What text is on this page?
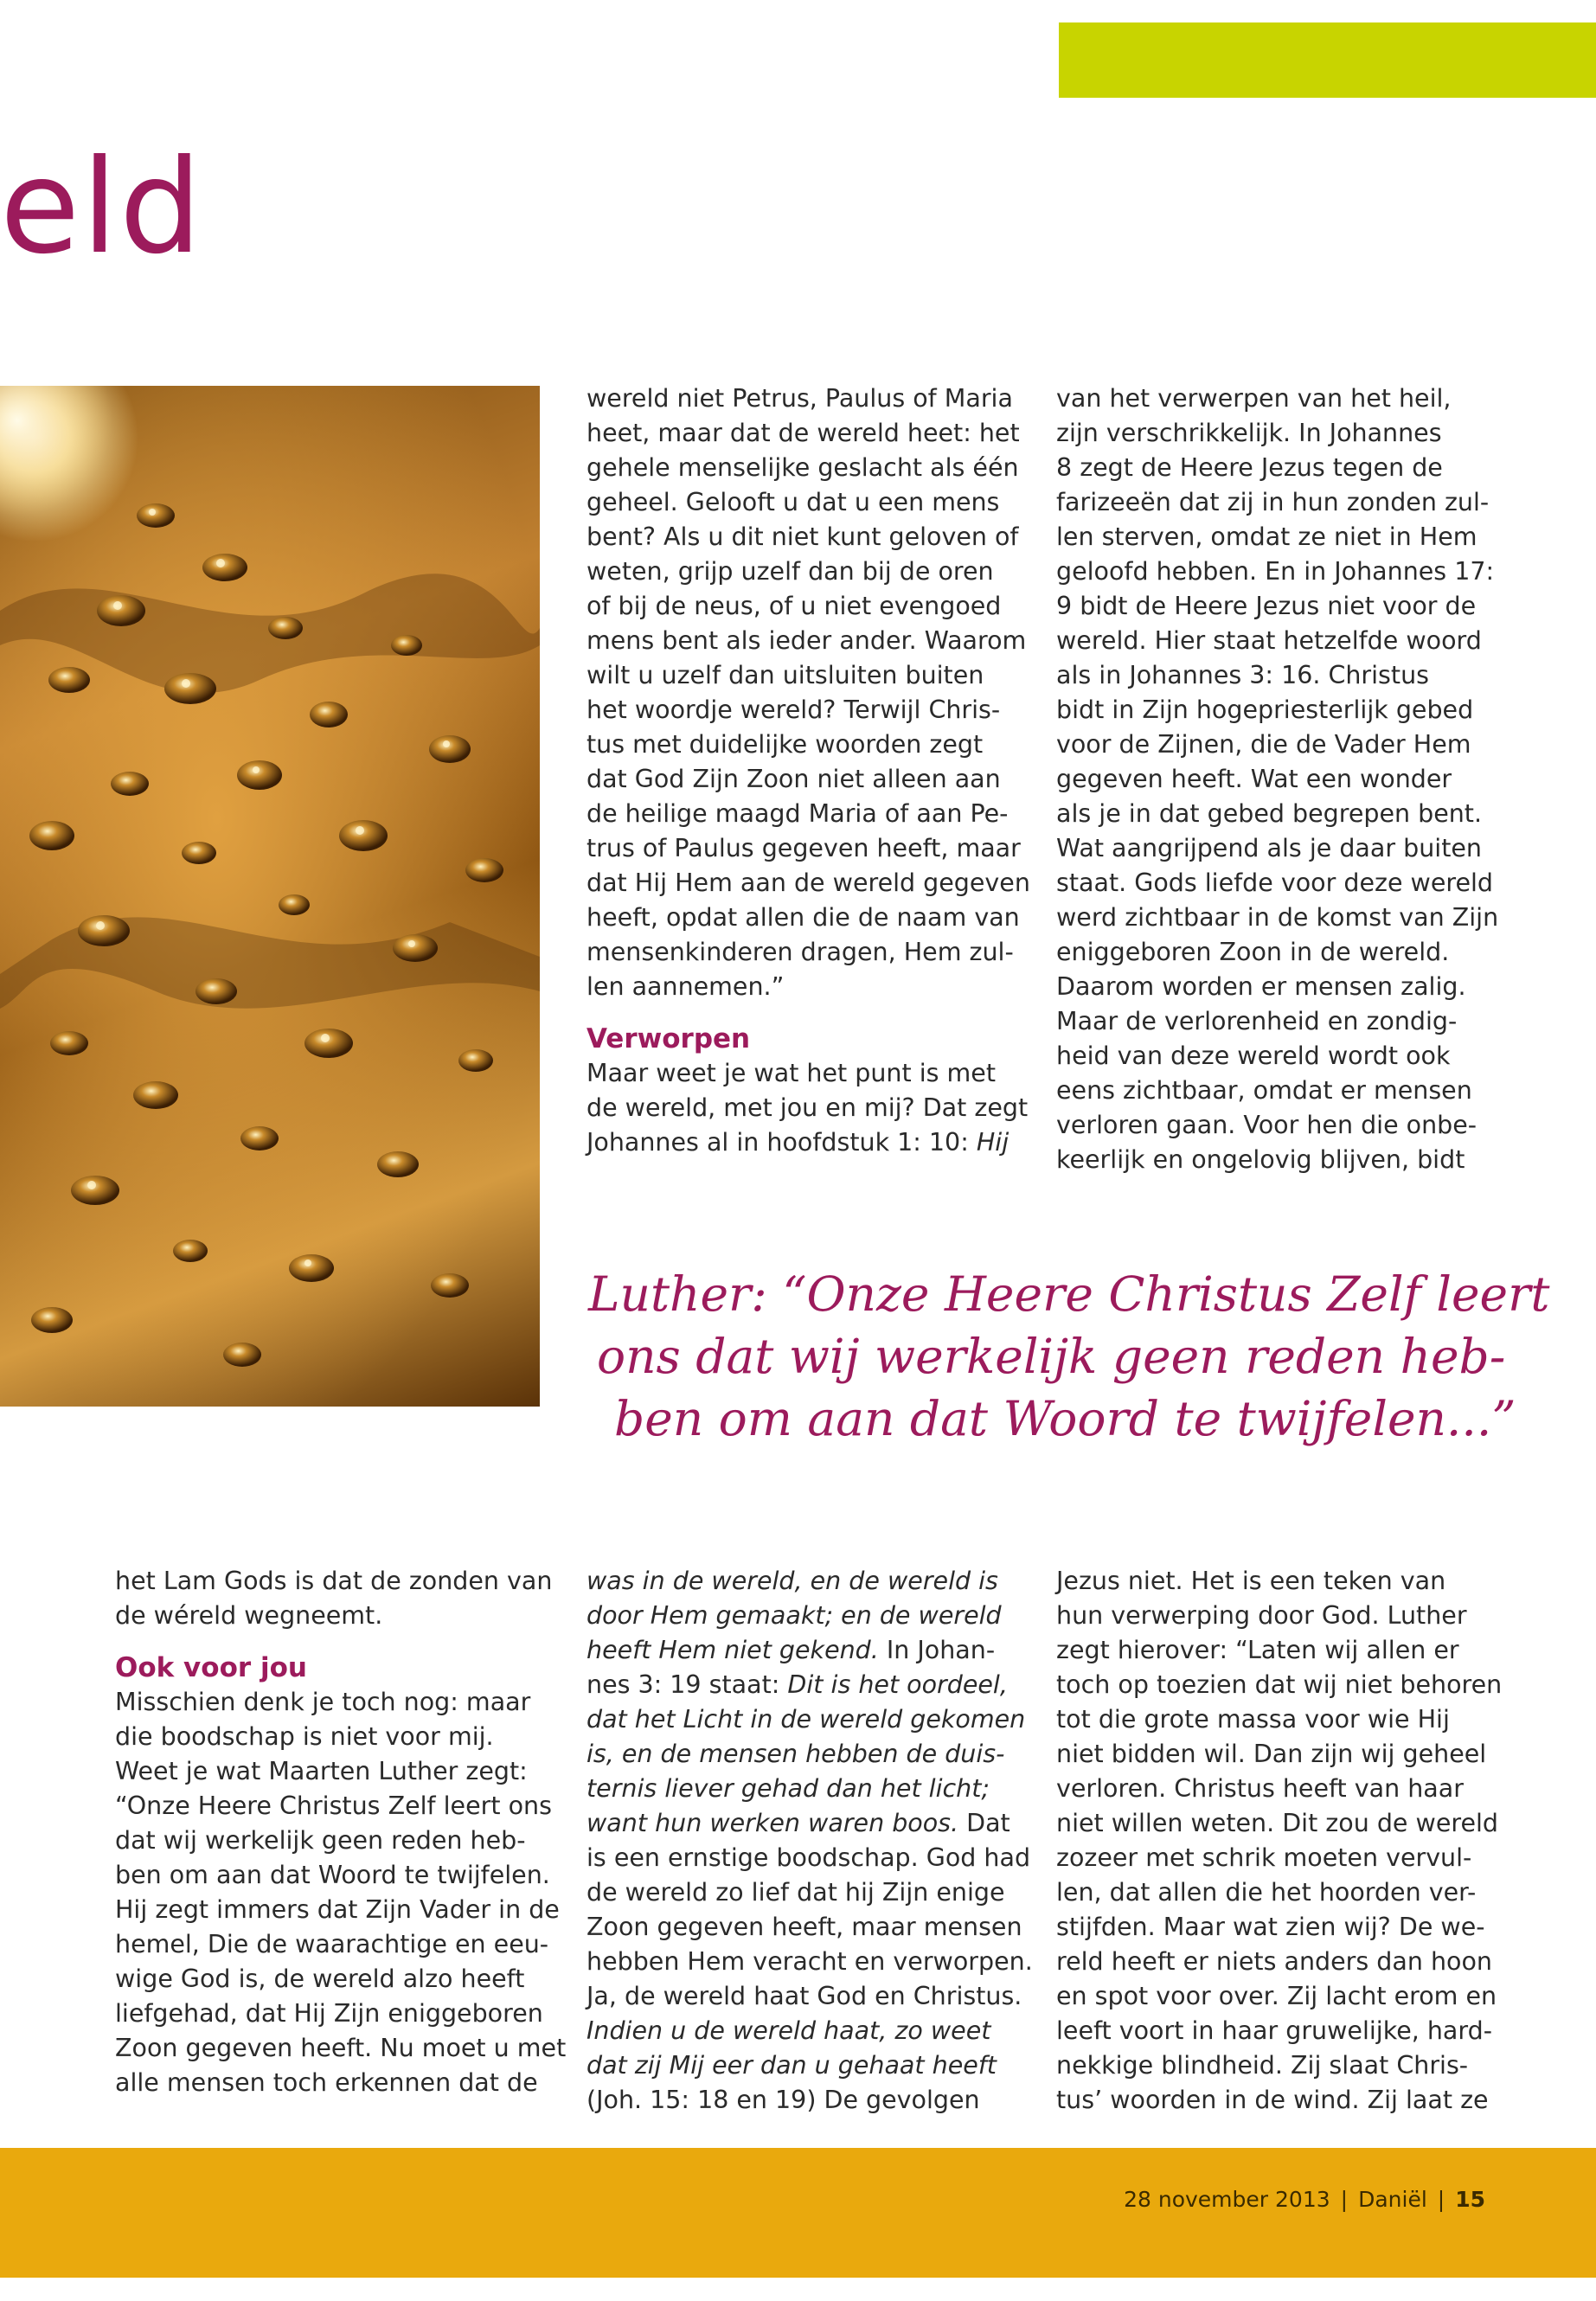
eld
wereld niet Petrus, Paulus of Maria
heet, maar dat de wereld heet: het
gehele menselijke geslacht als één
geheel. Gelooft u dat u een mens
bent? Als u dit niet kunt geloven of
weten, grijp uzelf dan bij de oren
of bij de neus, of u niet evengoed
mens bent als ieder ander. Waarom
wilt u uzelf dan uitsluiten buiten
het woordje wereld? Terwijl Chris-
tus met duidelijke woorden zegt
dat God Zijn Zoon niet alleen aan
de heilige maagd Maria of aan Pe-
trus of Paulus gegeven heeft, maar
dat Hij Hem aan de wereld gegeven
heeft, opdat allen die de naam van
mensenkinderen dragen, Hem zul-
len aannemen.”
Verworpen
Maar weet je wat het punt is met
de wereld, met jou en mij? Dat zegt
Johannes al in hoofdstuk 1: 10: Hij
van het verwerpen van het heil,
zijn verschrikkelijk. In Johannes
8 zegt de Heere Jezus tegen de
farizeeën dat zij in hun zonden zul-
len sterven, omdat ze niet in Hem
geloofd hebben. En in Johannes 17:
9 bidt de Heere Jezus niet voor de
wereld. Hier staat hetzelfde woord
als in Johannes 3: 16. Christus
bidt in Zijn hogepriesterlijk gebed
voor de Zijnen, die de Vader Hem
gegeven heeft. Wat een wonder
als je in dat gebed begrepen bent.
Wat aangrijpend als je daar buiten
staat. Gods liefde voor deze wereld
werd zichtbaar in de komst van Zijn
eniggeboren Zoon in de wereld.
Daarom worden er mensen zalig.
Maar de verlorenheid en zondig-
heid van deze wereld wordt ook
eens zichtbaar, omdat er mensen
verloren gaan. Voor hen die onbe-
keerlijk en ongelovig blijven, bidt
Luther: “Onze Heere Christus Zelf leert
ons dat wij werkelijk geen reden heb-
ben om aan dat Woord te twijfelen...”
het Lam Gods is dat de zonden van
de wéreld wegneemt.
Ook voor jou
Misschien denk je toch nog: maar
die boodschap is niet voor mij.
Weet je wat Maarten Luther zegt:
“Onze Heere Christus Zelf leert ons
dat wij werkelijk geen reden heb-
ben om aan dat Woord te twijfelen.
Hij zegt immers dat Zijn Vader in de
hemel, Die de waarachtige en eeu-
wige God is, de wereld alzo heeft
liefgehad, dat Hij Zijn eniggeboren
Zoon gegeven heeft. Nu moet u met
alle mensen toch erkennen dat de
was in de wereld, en de wereld is
door Hem gemaakt; en de wereld
heeft Hem niet gekend. In Johan-
nes 3: 19 staat: Dit is het oordeel,
dat het Licht in de wereld gekomen
is, en de mensen hebben de duis-
ternis liever gehad dan het licht;
want hun werken waren boos. Dat
is een ernstige boodschap. God had
de wereld zo lief dat hij Zijn enige
Zoon gegeven heeft, maar mensen
hebben Hem veracht en verworpen.
Ja, de wereld haat God en Christus.
Indien u de wereld haat, zo weet
dat zij Mij eer dan u gehaat heeft
(Joh. 15: 18 en 19) De gevolgen
Jezus niet. Het is een teken van
hun verwerping door God. Luther
zegt hierover: “Laten wij allen er
toch op toezien dat wij niet behoren
tot die grote massa voor wie Hij
niet bidden wil. Dan zijn wij geheel
verloren. Christus heeft van haar
niet willen weten. Dit zou de wereld
zozeer met schrik moeten vervul-
len, dat allen die het hoorden ver-
stijfden. Maar wat zien wij? De we-
reld heeft er niets anders dan hoon
en spot voor over. Zij lacht erom en
leeft voort in haar gruwelijke, hard-
nekkige blindheid. Zij slaat Chris-
tus’ woorden in de wind. Zij laat ze
28 november 2013 | Daniël | 15
